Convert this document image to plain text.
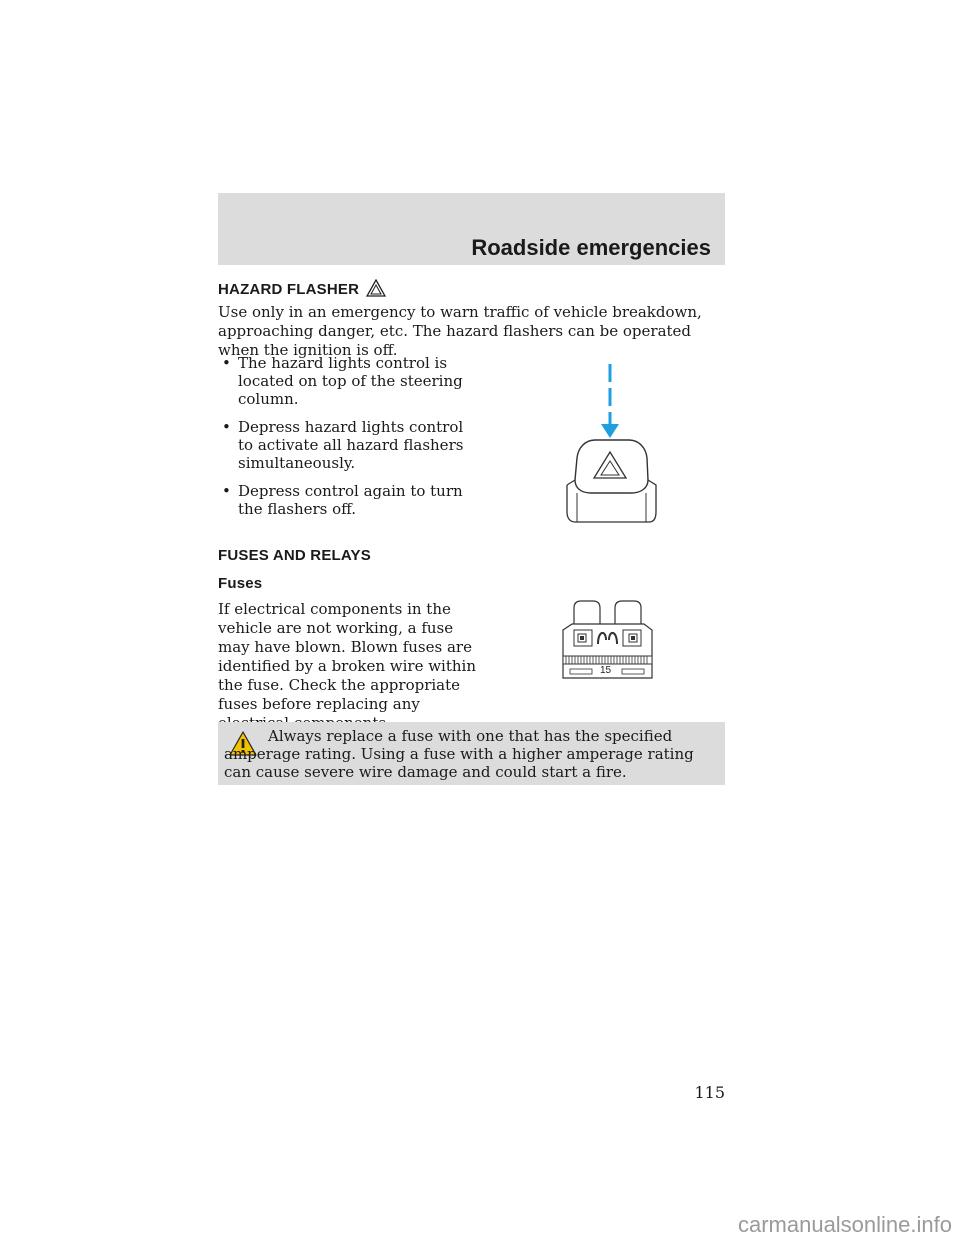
Roadside emergencies
HAZARD FLASHER

Use only in an emergency to warn traffic of vehicle breakdown, approaching danger, etc. The hazard flashers can be operated when the ignition is off.

• The hazard lights control is located on top of the steering column.
• Depress hazard lights control to activate all hazard flashers simultaneously.
• Depress control again to turn the flashers off.
FUSES AND RELAYS
Fuses

If electrical components in the vehicle are not working, a fuse may have blown. Blown fuses are identified by a broken wire within the fuse. Check the appropriate fuses before replacing any

15

Always replace a fuse with one that has the specified amperage rating. Using a fuse with a higher amperage rating can cause severe wire damage and could start a fire.

115
carmanualsonline.info
